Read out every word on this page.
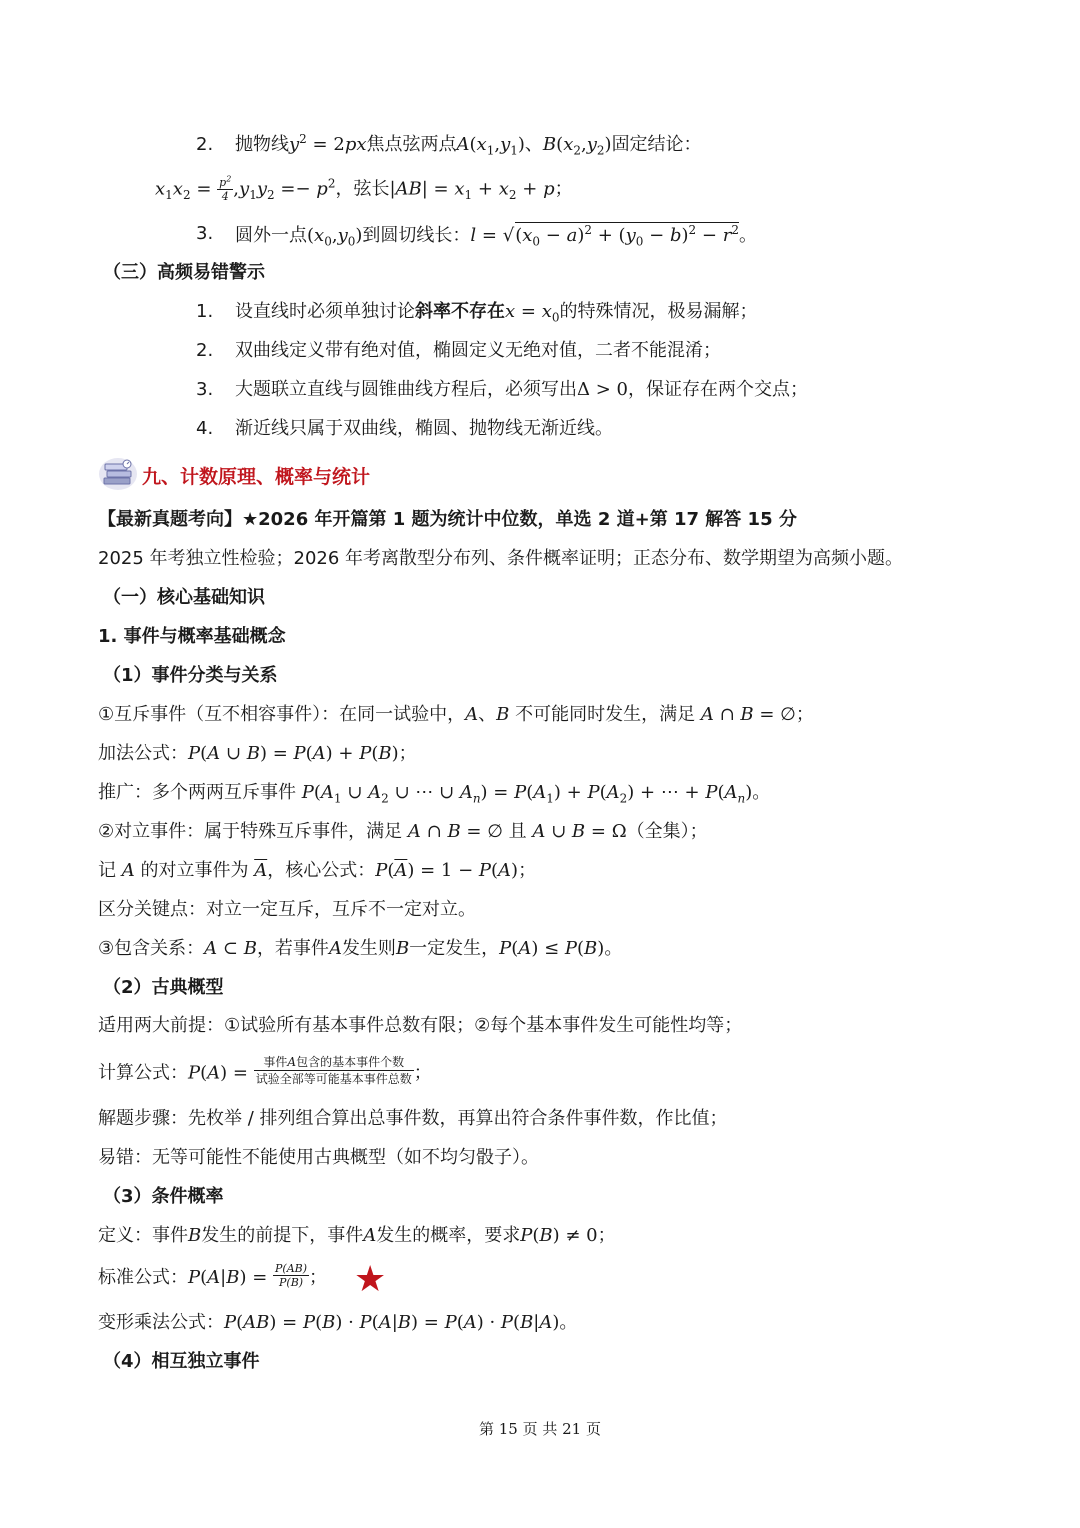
2.	抛物线$y^2 = 2px$焦点弦两点$A(x_1,y_1)$、$B(x_2,y_2)$固定结论：
$x_1x_2 = \frac{p^2}{4} ,y_1y_2 =- p^2$，弦长$|AB| = x_1 + x_2 + p$；
3.	圆外一点$(x_0,y_0)$到圆切线长：$l = √(x_0 - a)^2 + (y_0 - b)^2 - r^2$。
（三）高频易错警示
1.	设直线时必须单独讨论斜率不存在$x = x_0$的特殊情况，极易漏解；
2.	双曲线定义带有绝对值，椭圆定义无绝对值，二者不能混淆；
3.	大题联立直线与圆锥曲线方程后，必须写出Δ > 0，保证存在两个交点；
4.	渐近线只属于双曲线，椭圆、抛物线无渐近线。
九、计数原理、概率与统计
【最新真题考向】★2026 年开篇第 1 题为统计中位数，单选 2 道+第 17 解答 15 分
2025 年考独立性检验；2026 年考离散型分布列、条件概率证明；正态分布、数学期望为高频小题。
（一）核心基础知识
1. 事件与概率基础概念
（1）事件分类与关系
①互斥事件（互不相容事件）：在同一试验中，A、B 不可能同时发生，满足 A ∩ B = ∅；
加法公式：P(A ∪ B) = P(A) + P(B)；
推广：多个两两互斥事件 $P(A_1$ ∪ $A_2$ ∪ ⋯ ∪ $A_n) = P(A_1) + P(A_2)$ + ⋯ + $P(A_n)$。
②对立事件：属于特殊互斥事件，满足 A ∩ B = ∅ 且 A ∪ B = Ω（全集）；
记 A 的对立事件为 $\overline{A}$，核心公式：$P(\overline{A}) = 1 - P(A)$；
区分关键点：对立一定互斥，互斥不一定对立。
③包含关系：A ⊂ B，若事件A发生则B一定发生，P(A) ≤ P(B)。
（2）古典概型
适用两大前提：①试验所有基本事件总数有限；②每个基本事件发生可能性均等；
计算公式：$P(A) = \frac{\text{事件A包含的基本事件个数}}{\text{试验全部等可能基本事件总数}}$ ；
解题步骤：先枚举 / 排列组合算出总事件数，再算出符合条件事件数，作比值；
易错：无等可能性不能使用古典概型（如不均匀骰子）。
（3）条件概率
定义：事件B发生的前提下，事件A发生的概率，要求P(B) ≠ 0；
标准公式：$P(A|B) = \frac{P(AB)}{P(B)}$ ； ★
变形乘法公式：P(AB) = P(B) · P(A|B) = P(A) · P(B|A)。
（4）相互独立事件
第 15 页 共 21 页
